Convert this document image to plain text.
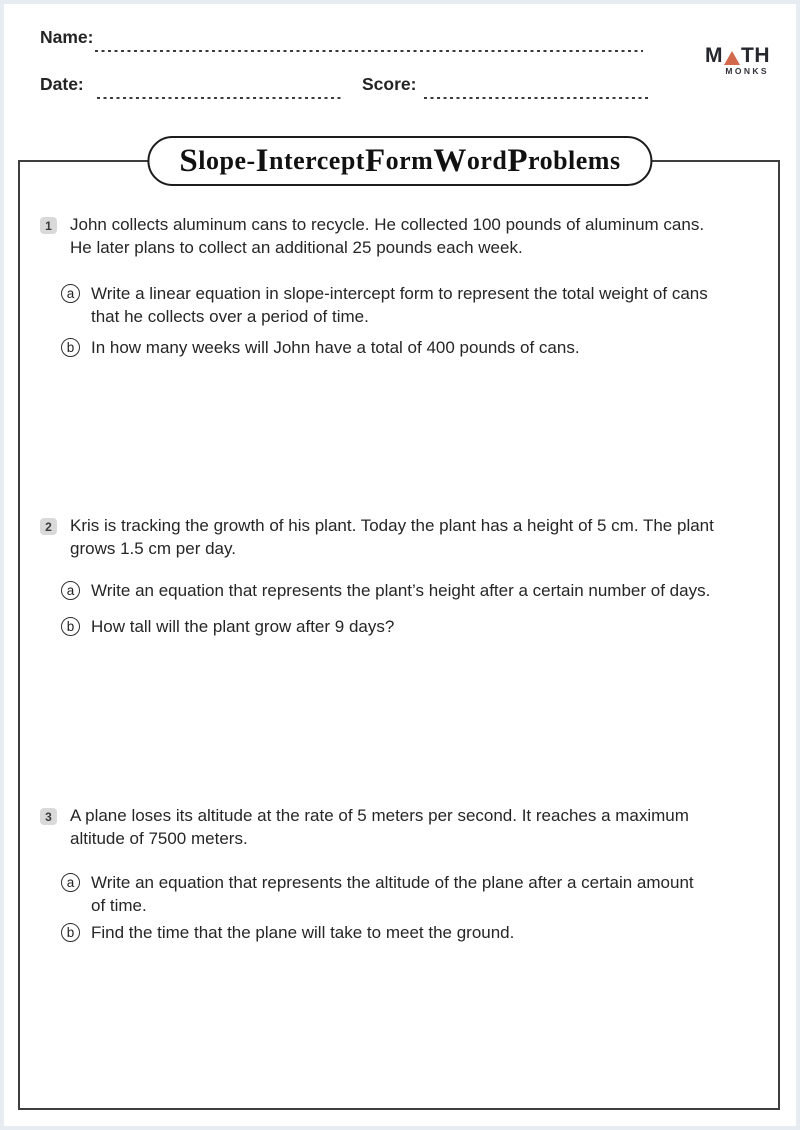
Name:
Date:	Score:
M TH
MONKS
S lope- I ntercept F orm W ord P roblems
1	John collects aluminum cans to recycle. He collected 100 pounds of aluminum cans.
He later plans to collect an additional 25 pounds each week.
a Write a linear equation in slope-intercept form to represent the total weight of cans
that he collects over a period of time.
b In how many weeks will John have a total of 400 pounds of cans.
2	Kris is tracking the growth of his plant. Today the plant has a height of 5 cm. The plant
grows 1.5 cm per day.
a Write an equation that represents the plant’s height after a certain number of days.
b How tall will the plant grow after 9 days?
3	A plane loses its altitude at the rate of 5 meters per second. It reaches a maximum
altitude of 7500 meters.
a Write an equation that represents the altitude of the plane after a certain amount
of time.
b Find the time that the plane will take to meet the ground.
